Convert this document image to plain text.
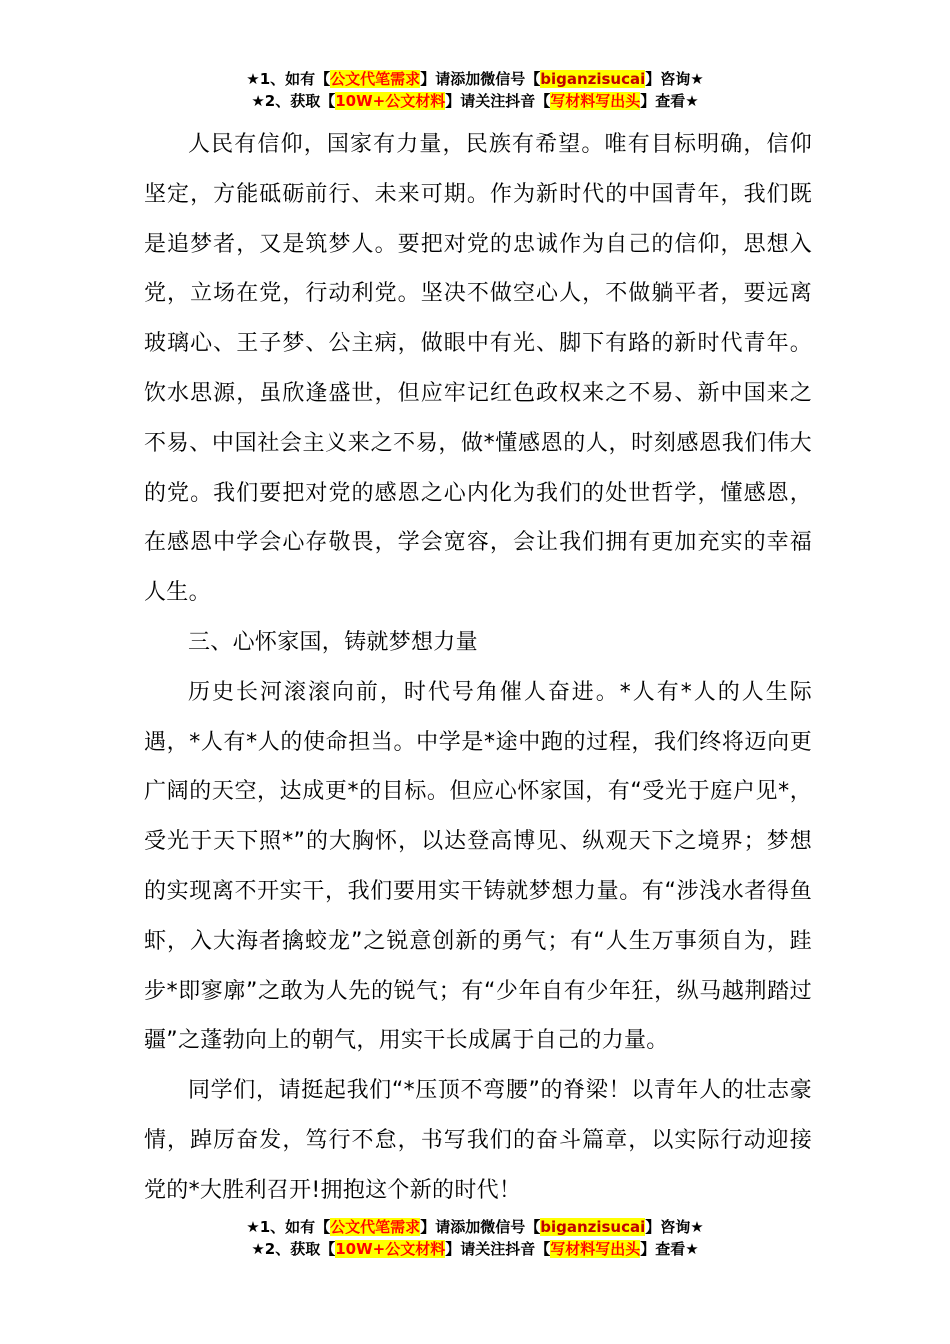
★1、如有【公文代笔需求】请添加微信号【biganzisucai】咨询★
★2、获取【10W+公文材料】请关注抖音【写材料写出头】查看★

人民有信仰，国家有力量，民族有希望。唯有目标明确，信仰坚定，方能砥砺前行、未来可期。作为新时代的中国青年，我们既是追梦者，又是筑梦人。要把对党的忠诚作为自己的信仰，思想入党，立场在党，行动利党。坚决不做空心人，不做躺平者，要远离玻璃心、王子梦、公主病，做眼中有光、脚下有路的新时代青年。饮水思源，虽欣逢盛世，但应牢记红色政权来之不易、新中国来之不易、中国社会主义来之不易，做*懂感恩的人，时刻感恩我们伟大的党。我们要把对党的感恩之心内化为我们的处世哲学，懂感恩，在感恩中学会心存敬畏，学会宽容，会让我们拥有更加充实的幸福人生。

三、心怀家国，铸就梦想力量

历史长河滚滚向前，时代号角催人奋进。*人有*人的人生际遇，*人有*人的使命担当。中学是*途中跑的过程，我们终将迈向更广阔的天空，达成更*的目标。但应心怀家国，有“受光于庭户见*，受光于天下照*”的大胸怀，以达登高博见、纵观天下之境界；梦想的实现离不开实干，我们要用实干铸就梦想力量。有“涉浅水者得鱼虾，入大海者擒蛟龙”之锐意创新的勇气；有“人生万事须自为，跬步*即寥廓”之敢为人先的锐气；有“少年自有少年狂，纵马越荆踏过疆”之蓬勃向上的朝气，用实干长成属于自己的力量。

同学们，请挺起我们“*压顶不弯腰”的脊梁！以青年人的壮志豪情，踔厉奋发，笃行不怠，书写我们的奋斗篇章，以实际行动迎接党的*大胜利召开!拥抱这个新的时代！

★1、如有【公文代笔需求】请添加微信号【biganzisucai】咨询★
★2、获取【10W+公文材料】请关注抖音【写材料写出头】查看★
